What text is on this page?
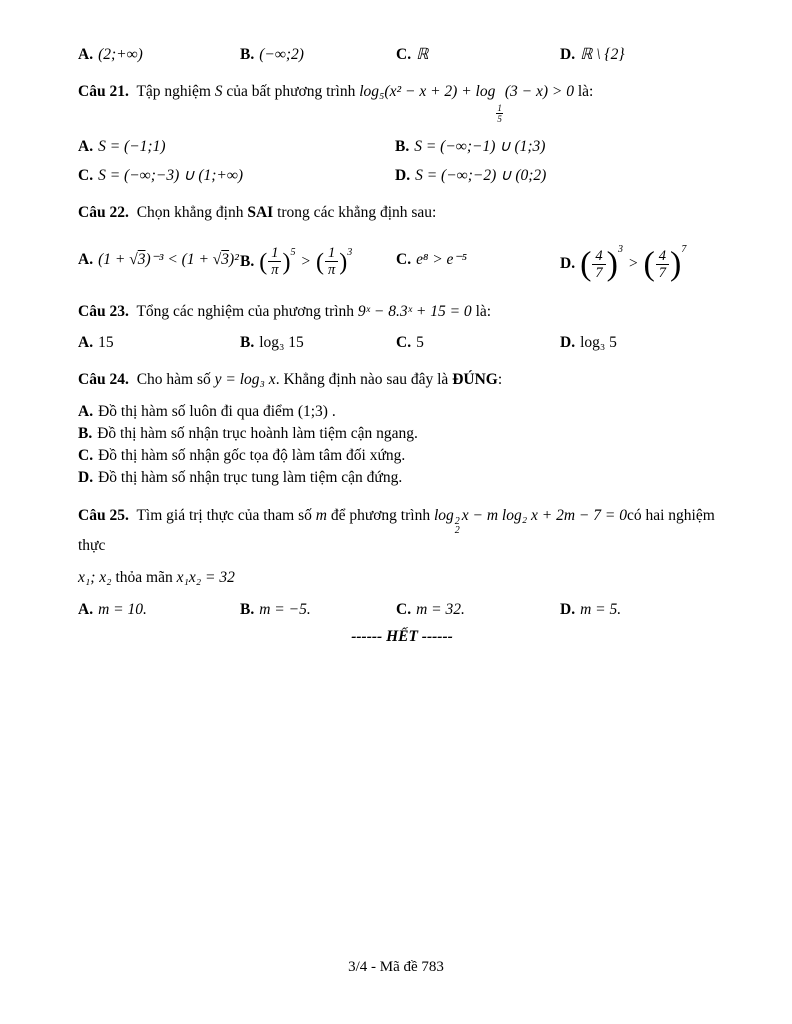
A. (2;+∞)	B. (−∞;2)	C. ℝ	D. ℝ \ {2}

Câu 21. Tập nghiệm S của bất phương trình log₅(x² − x + 2) + log
$\frac{1}{5}$
(3 − x) > 0 là:

A. S = (−1;1)	B. S = (−∞;−1) ∪ (1;3)
C. S = (−∞;−3) ∪ (1;+∞)	D. S = (−∞;−2) ∪ (0;2)

Câu 22. Chọn khẳng định SAI trong các khẳng định sau:

A. (1 + √3)⁻³ < (1 + √3)² B. ( $\frac{1}{\pi} )^5>$ ( $\frac{1}{\pi} )^3$	C. e⁸ > e⁻⁵	D. ( $\frac{4}{7} )^3>$ ( $\frac{4}{7} )^7$

Câu 23. Tổng các nghiệm của phương trình 9ˣ − 8.3ˣ + 15 = 0 là:

A. 15	B. log₃ 15	C. 5	D. log₃ 5

Câu 24. Cho hàm số y = log₃ x. Khẳng định nào sau đây là ĐÚNG:

A. Đồ thị hàm số luôn đi qua điểm (1;3) .

B. Đồ thị hàm số nhận trục hoành làm tiệm cận ngang.

C. Đồ thị hàm số nhận gốc tọa độ làm tâm đối xứng.

D. Đồ thị hàm số nhận trục tung làm tiệm cận đứng.

Câu 25. Tìm giá trị thực của tham số m để phương trình log 2
2
x − m log₂ x + 2m − 7 = 0có hai nghiệm thực

x₁; x₂ thỏa mãn x₁x₂ = 32

A. m = 10.	B. m = −5.	C. m = 32.	D. m = 5.

------ HẾT ------

3/4 - Mã đề 783
